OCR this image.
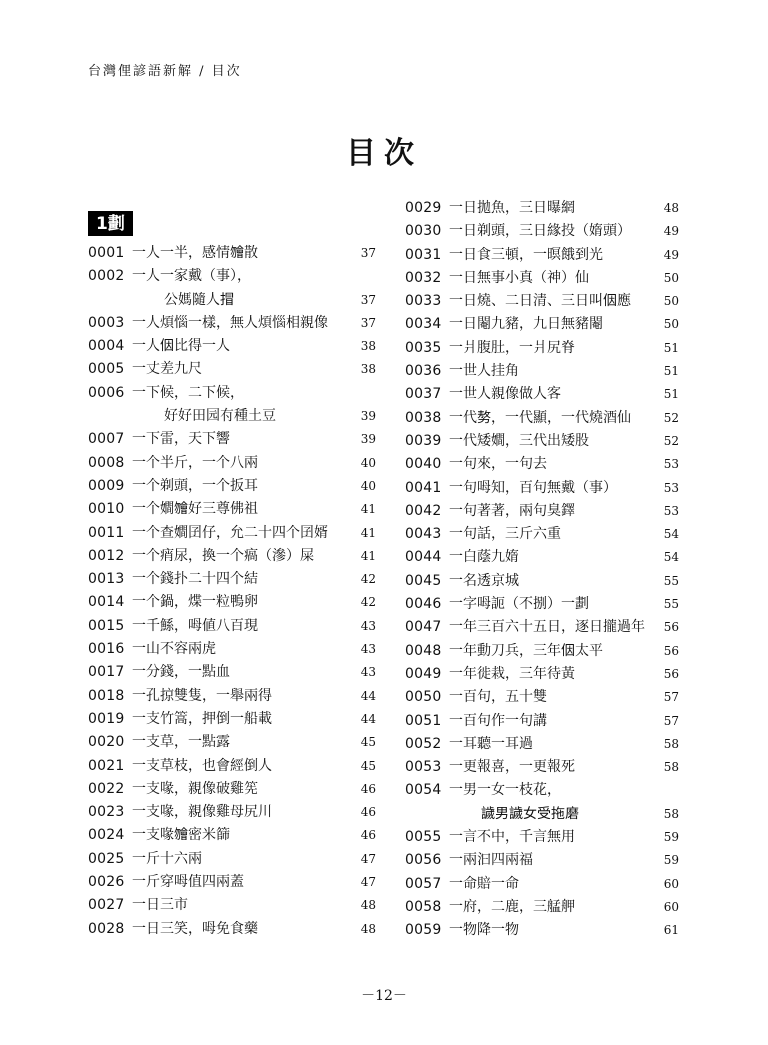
台灣俚諺語新解 / 目次
目次
1劃
0001 一人一半，感情𣍐散	37
0002 一人一家戴（事），
公媽隨人𢯾	37
0003 一人煩惱一樣，無人煩惱相親像	37
0004 一人𪜶比得一人	38
0005 一丈差九尺	38
0006 一下候，二下候，
好好田园𠕇種土豆	39
0007 一下雷，天下響	39
0008 一个半斤，一个八兩	40
0009 一个剃頭，一个扳耳	40
0010 一个𡢃𣍐好三尊佛祖	41
0011 一个查𡢃囝仔，允二十四个囝婿	41
0012 一个痟尿，換一个瘑（滲）屎	41
0013 一个錢扑二十四个結	42
0014 一个鍋，煠一粒鴨卵	42
0015 一千鯀，呣値八百現	43
0016 一山不容兩虎	43
0017 一分錢，一點血	43
0018 一孔掠雙隻，一舉兩得	44
0019 一支竹篙，押倒一船載	44
0020 一支草，一點露	45
0021 一支草枝，也會經倒人	45
0022 一支喙，親像破雞筅	46
0023 一支喙，親像雞母尻川	46
0024 一支喙𣍐密米篩	46
0025 一斤十六兩	47
0026 一斤穿呣值四兩蓋	47
0027 一日三市	48
0028 一日三笑，呣免食藥	48
0029 一日拋魚，三日曝網	48
0030 一日剃頭，三日緣投（媠頭）	49
0031 一日食三頓，一暝餓到光	49
0032 一日無事小真（神）仙	50
0033 一日燒、二日清、三日叫𪜶應	50
0034 一日閹九豬，九日無豬閹	50
0035 一爿腹肚，一爿尻脊	51
0036 一世人挂角	51
0037 一世人親像做人客	51
0038 一代𠢕，一代顯，一代燒酒仙	52
0039 一代矮𡢃，三代出矮股	52
0040 一句來，一句去	53
0041 一句呣知，百句無戴（事）	53
0042 一句著著，兩句臭鐸	53
0043 一句話，三斤六重	54
0044 一白蔭九媠	54
0045 一名透京城	55
0046 一字呣𧦠（不捌）一劃	55
0047 一年三百六十五日，逐日攏過年	56
0048 一年動刀兵，三年𪜶太平	56
0049 一年徙栽，三年待黃	56
0050 一百句，五十雙	57
0051 一百句作一句講	57
0052 一耳聽一耳過	58
0053 一更報喜，一更報死	58
0054 一男一女一枝花，
𧬨男𧬨女受拖磨	58
0055 一言不中，千言無用	59
0056 一兩汩四兩福	59
0057 一命賠一命	60
0058 一府，二鹿，三艋舺	60
0059 一物降一物	61
－12－
